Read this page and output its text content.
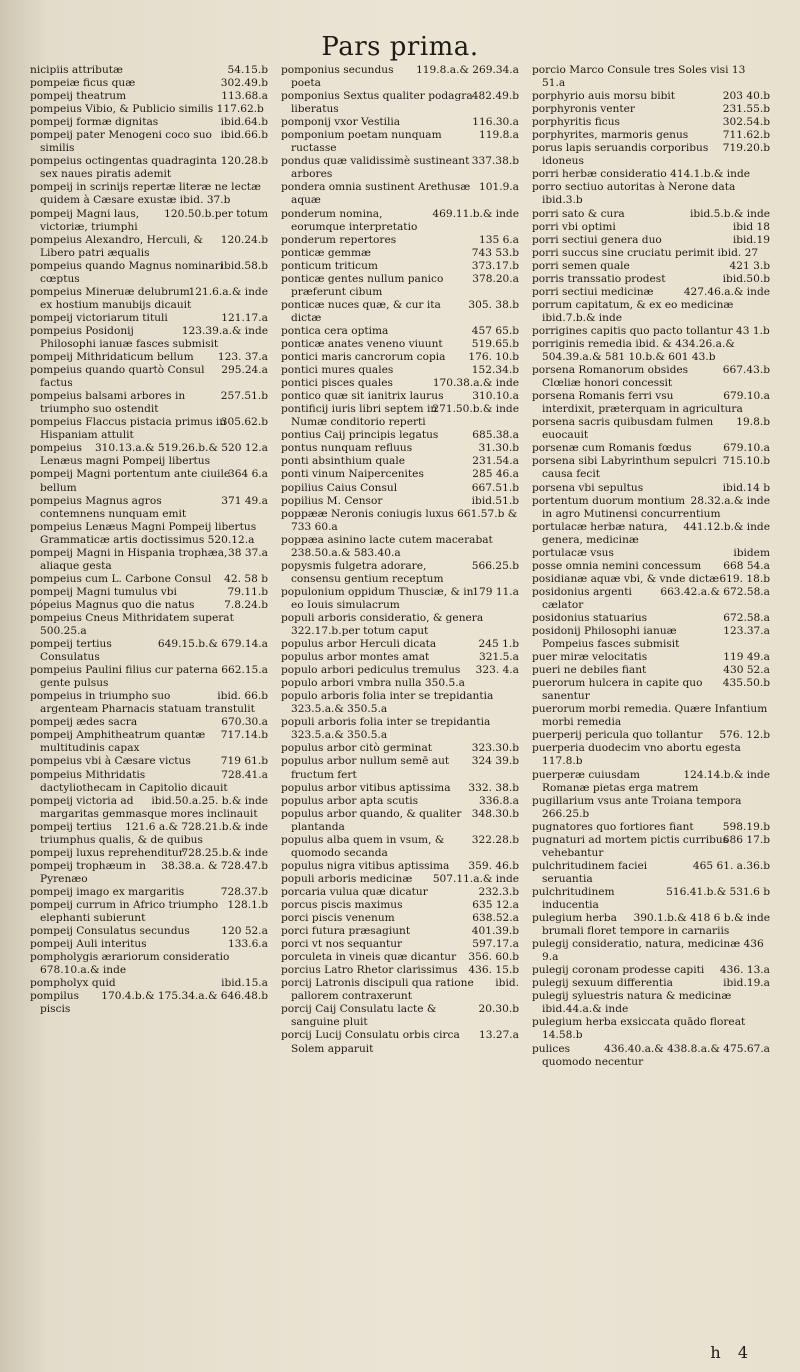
Pars prima.
54.15.b
nicipiis attributæ
302.49.b
pompeiæ ficus quæ
113.68.a
pompeij theatrum
pompeius Vibio, & Publicio similis 117.62.b
ibid.64.b
pompeij formæ dignitas
ibid.66.b
pompeij pater Menogeni coco suo similis
120.28.b
pompeius octingentas quadraginta sex naues piratis ademit
pompeij in scrinijs repertæ literæ ne lectæ quidem à Cæsare exustæ ibid. 37.b
120.50.b.per totum
pompeij Magni laus, victoriæ, triumphi
120.24.b
pompeius Alexandro, Herculi, & Libero patri æqualis
ibid.58.b
pompeius quando Magnus nominari cœptus
121.6.a.& inde
pompeius Mineruæ delubrum ex hostium manubijs dicauit
121.17.a
pompeij victoriarum tituli
123.39.a.& inde
pompeius Posidonij Philosophi ianuæ fasces submisit
123. 37.a
pompeij Mithridaticum bellum
295.24.a
pompeius quando quartò Consul factus
257.51.b
pompeius balsami arbores in triumpho suo ostendit
305.62.b
pompeius Flaccus pistacia primus in Hispaniam attulit
310.13.a.& 519.26.b.& 520 12.a
pompeius Lenæus magni Pompeij libertus
364 6.a
pompeij Magni portentum ante ciuile bellum
371 49.a
pompeius Magnus agros contemnens nunquam emit
pompeius Lenæus Magni Pompeij libertus Grammaticæ artis doctissimus 520.12.a
38 37.a
pompeij Magni in Hispania trophæa, aliaque gesta
42. 58 b
pompeius cum L. Carbone Consul
79.11.b
pompeij Magni tumulus vbi
7.8.24.b
pópeius Magnus quo die natus
pompeius Cneus Mithridatem superat 500.25.a
649.15.b.& 679.14.a
pompeij tertius Consulatus
662.15.a
pompeius Paulini filius cur paterna gente pulsus
ibid. 66.b
pompeius in triumpho suo argenteam Pharnacis statuam transtulit
670.30.a
pompeij ædes sacra
717.14.b
pompeij Amphitheatrum quantæ multitudinis capax
719 61.b
pompeius vbi à Cæsare victus
728.41.a
pompeius Mithridatis dactyliothecam in Capitolio dicauit
ibid.50.a.25. b.& inde
pompeij victoria ad margaritas gemmasque mores inclinauit
121.6 a.& 728.21.b.& inde
pompeij tertius triumphus qualis, & de quibus
728.25.b.& inde
pompeij luxus reprehenditur
38.38.a. & 728.47.b
pompeij trophæum in Pyrenæo
728.37.b
pompeij imago ex margaritis
128.1.b
pompeij currum in Africo triumpho elephanti subierunt
120 52.a
pompeij Consulatus secundus
133.6.a
pompeij Auli interitus
pompholygis ærariorum consideratio 678.10.a.& inde
ibid.15.a
pompholyx quid
170.4.b.& 175.34.a.& 646.48.b
pompilus piscis
119.8.a.& 269.34.a
pomponius secundus poeta
482.49.b
pomponius Sextus qualiter podagra liberatus
116.30.a
pomponij vxor Vestilia
119.8.a
pomponium poetam nunquam ructasse
337.38.b
pondus quæ validissimè sustineant arbores
101.9.a
pondera omnia sustinent Arethusæ aquæ
469.11.b.& inde
ponderum nomina, eorumque interpretatio
135 6.a
ponderum repertores
743 53.b
ponticæ gemmæ
373.17.b
ponticum triticum
378.20.a
ponticæ gentes nullum panico præferunt cibum
305. 38.b
ponticæ nuces quæ, & cur ita dictæ
457 65.b
pontica cera optima
519.65.b
ponticæ anates veneno viuunt
176. 10.b
pontici maris cancrorum copia
152.34.b
pontici mures quales
170.38.a.& inde
pontici pisces quales
310.10.a
pontico quæ sit ianitrix laurus
271.50.b.& inde
pontificij iuris libri septem in Numæ conditorio reperti
685.38.a
pontius Caij principis legatus
31.30.b
pontus nunquam refluus
231.54.a
ponti absinthium quale
285 46.a
ponti vinum Naipercenites
667.51.b
popilius Caius Consul
ibid.51.b
popilius M. Censor
poppææ Neronis coniugis luxus 661.57.b & 733 60.a
poppæa asinino lacte cutem macerabat 238.50.a.& 583.40.a
566.25.b
popysmis fulgetra adorare, consensu gentium receptum
179 11.a
populonium oppidum Thusciæ, & in eo Iouis simulacrum
populi arboris consideratio, & genera 322.17.b.per totum caput
245 1.b
populus arbor Herculi dicata
321.5.a
populus arbor montes amat
323. 4.a
populo arbori pediculus tremulus
populo arbori vmbra nulla 350.5.a
populo arboris folia inter se trepidantia 323.5.a.& 350.5.a
populi arboris folia inter se trepidantia 323.5.a.& 350.5.a
323.30.b
populus arbor citò germinat
324 39.b
populus arbor nullum semē aut fructum fert
332. 38.b
populus arbor vitibus aptissima
336.8.a
populus arbor apta scutis
348.30.b
populus arbor quando, & qualiter plantanda
322.28.b
populus alba quem in vsum, & quomodo secanda
359. 46.b
populus nigra vitibus aptissima
507.11.a.& inde
populi arboris medicinæ
232.3.b
porcaria vulua quæ dicatur
635 12.a
porcus piscis maximus
638.52.a
porci piscis venenum
401.39.b
porci futura præsagiunt
597.17.a
porci vt nos sequantur
356. 60.b
porculeta in vineis quæ dicantur
436. 15.b
porcius Latro Rhetor clarissimus
ibid.
porcij Latronis discipuli qua ratione pallorem contraxerunt
20.30.b
porcij Caij Consulatu lacte & sanguine pluit
13.27.a
porcij Lucij Consulatu orbis circa Solem apparuit
porcio Marco Consule tres Soles visi 13 51.a
203 40.b
porphyrio auis morsu bibit
231.55.b
porphyronis venter
302.54.b
porphyritis ficus
711.62.b
porphyrites, marmoris genus
719.20.b
porus lapis seruandis corporibus idoneus
porri herbæ consideratio 414.1.b.& inde
porro sectiuo autoritas à Nerone data ibid.3.b
ibid.5.b.& inde
porri sato & cura
ibid 18
porri vbi optimi
ibid.19
porri sectiui genera duo
porri succus sine cruciatu perimit ibid. 27
421 3.b
porri semen quale
ibid.50.b
porris transsatio prodest
427.46.a.& inde
porri sectiui medicinæ
porrum capitatum, & ex eo medicinæ ibid.7.b.& inde
porrigines capitis quo pacto tollantur 43 1.b
porriginis remedia ibid. & 434.26.a.& 504.39.a.& 581 10.b.& 601 43.b
667.43.b
porsena Romanorum obsides Clœliæ honori concessit
679.10.a
porsena Romanis ferri vsu interdixit, præterquam in agricultura
19.8.b
porsena sacris quibusdam fulmen euocauit
679.10.a
porsenæ cum Romanis fœdus
715.10.b
porsena sibi Labyrinthum sepulcri causa fecit
ibid.14 b
porsena vbi sepultus
28.32.a.& inde
portentum duorum montium in agro Mutinensi concurrentium
441.12.b.& inde
portulacæ herbæ natura, genera, medicinæ
ibidem
portulacæ vsus
668 54.a
posse omnia nemini concessum
619. 18.b
posidianæ aquæ vbi, & vnde dictæ
663.42.a.& 672.58.a
posidonius argenti cælator
672.58.a
posidonius statuarius
123.37.a
posidonij Philosophi ianuæ Pompeius fasces submisit
119 49.a
puer miræ velocitatis
430 52.a
pueri ne debiles fiant
435.50.b
puerorum hulcera in capite quo sanentur
puerorum morbi remedia. Quære Infantium morbi remedia
576. 12.b
puerperij pericula quo tollantur
puerperia duodecim vno abortu egesta 117.8.b
124.14.b.& inde
puerperæ cuiusdam Romanæ pietas erga matrem
pugillarium vsus ante Troiana tempora 266.25.b
598.19.b
pugnatores quo fortiores fiant
686 17.b
pugnaturi ad mortem pictis curribus vehebantur
465 61. a.36.b
pulchritudinem faciei seruantia
516.41.b.& 531.6 b
pulchritudinem inducentia
390.1.b.& 418 6 b.& inde
pulegium herba brumali floret tempore in carnariis
pulegij consideratio, natura, medicinæ 436 9.a
436. 13.a
pulegij coronam prodesse capiti
ibid.19.a
pulegij sexuum differentia
pulegij syluestris natura & medicinæ ibid.44.a.& inde
pulegium herba exsiccata quādo floreat 14.58.b
436.40.a.& 438.8.a.& 475.67.a
pulices quomodo necentur
h 4
